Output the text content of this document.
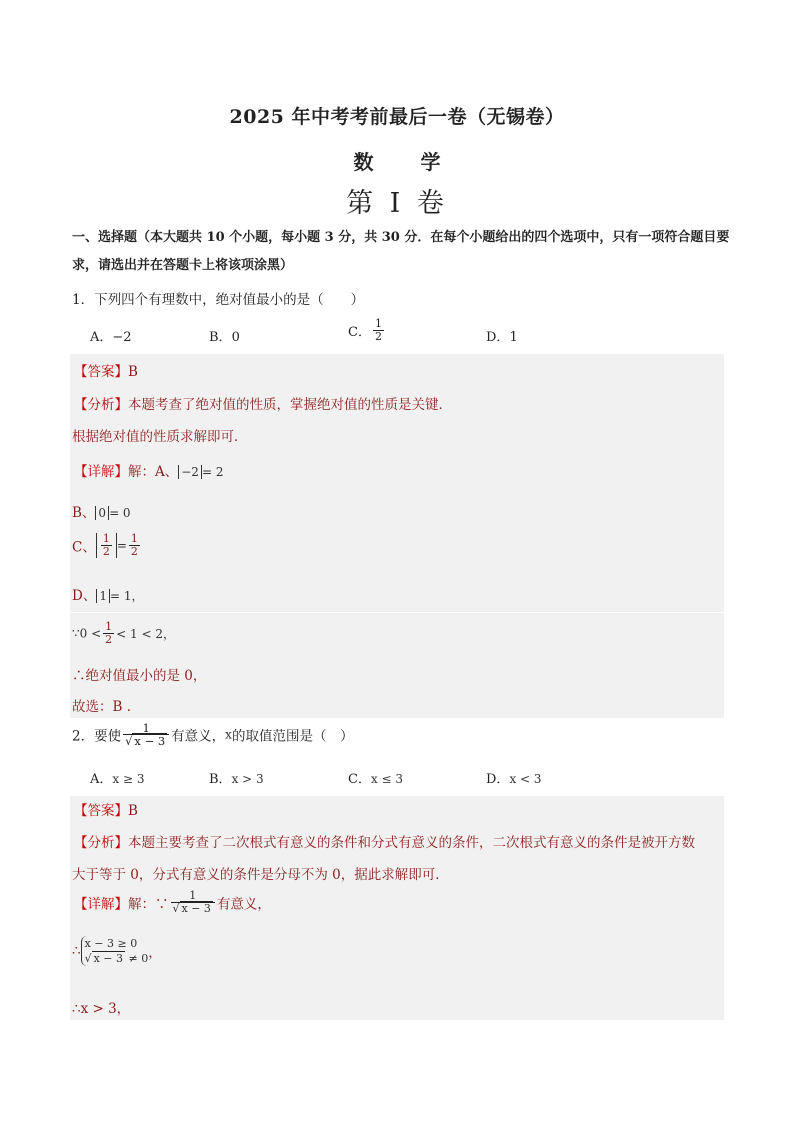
2025 年中考考前最后一卷（无锡卷）
数 学
第 I 卷
一、选择题（本大题共 10 个小题，每小题 3 分，共 30 分．在每个小题给出的四个选项中，只有一项符合题目要求，请选出并在答题卡上将该项涂黑）
1．下列四个有理数中，绝对值最小的是（　　）
A．−2	B．0	C． $\frac{1}{2}$	D．1
【答案】B
【分析】本题考查了绝对值的性质，掌握绝对值的性质是关键．
根据绝对值的性质求解即可．
【详解】解：A、 −2 = 2
B、 0 = 0
C、 $\frac{1}{2} = \frac{1}{2}$
D、 1 = 1，
∵0 < $\frac{1}{2} < 1 < 2$，
∴绝对值最小的是 0，
故选：B ．
2．要使 $\frac{1}{√ x - 3}$ 有意义，x的取值范围是（　）
A．x ≥ 3	B．x > 3	C．x ≤ 3	D．x < 3
【答案】B
【分析】本题主要考查了二次根式有意义的条件和分式有意义的条件，二次根式有意义的条件是被开方数
大于等于 0，分式有意义的条件是分母不为 0，据此求解即可．
【详解】解：∵ $\frac{1}{√ x - 3}$ 有意义，
∴ x − 3 ≥ 0
√ x − 3 ≠ 0 ，
∴x > 3，
